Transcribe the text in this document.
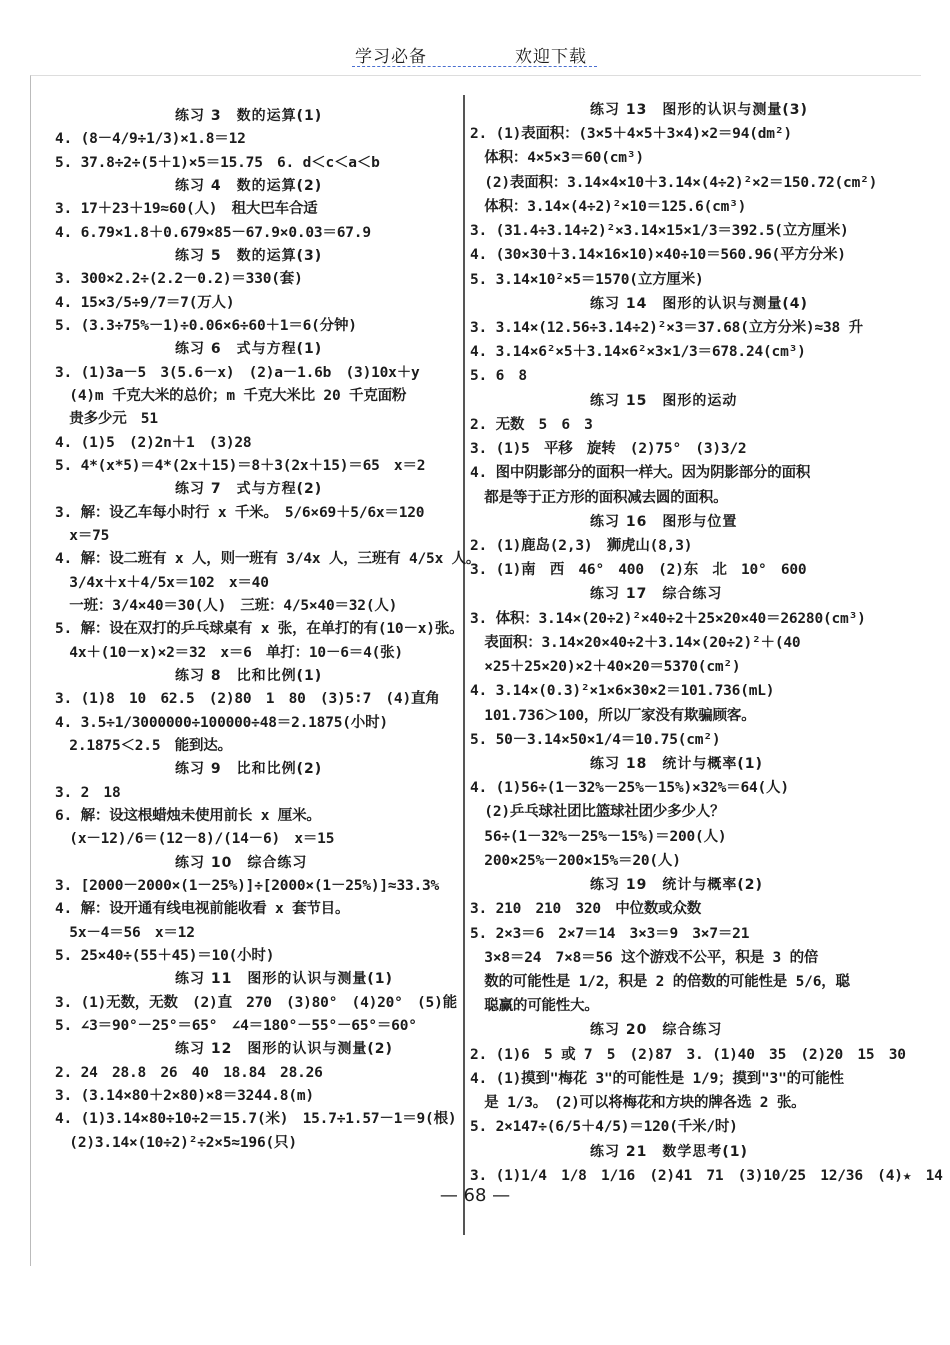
学习必备	欢迎下载
练习 3　数的运算(1)
4. (8－4/9÷1/3)×1.8＝12
5. 37.8÷2÷(5＋1)×5＝15.75　6. d＜c＜a＜b
练习 4　数的运算(2)
3. 17＋23＋19≈60(人)　租大巴车合适
4. 6.79×1.8＋0.679×85－67.9×0.03＝67.9
练习 5　数的运算(3)
3. 300×2.2÷(2.2－0.2)＝330(套)
4. 15×3/5÷9/7＝7(万人)
5. (3.3÷75%－1)÷0.06×6÷60＋1＝6(分钟)
练习 6　式与方程(1)
3. (1)3a－5　3(5.6－x)　(2)a－1.6b　(3)10x＋y
　(4)m 千克大米的总价；m 千克大米比 20 千克面粉
　贵多少元　51
4. (1)5　(2)2n＋1　(3)28
5. 4*(x*5)＝4*(2x＋15)＝8＋3(2x＋15)＝65　x＝2
练习 7　式与方程(2)
3. 解：设乙车每小时行 x 千米。　5/6×69＋5/6x＝120
　x＝75
4. 解：设二班有 x 人，则一班有 3/4x 人，三班有 4/5x 人。
　3/4x＋x＋4/5x＝102　x＝40
　一班：3/4×40＝30(人)　三班：4/5×40＝32(人)
5. 解：设在双打的乒乓球桌有 x 张，在单打的有(10－x)张。
　4x＋(10－x)×2＝32　x＝6　单打：10－6＝4(张)
练习 8　比和比例(1)
3. (1)8　10　62.5　(2)80　1　80　(3)5∶7　(4)直角
4. 3.5÷1/3000000÷100000÷48＝2.1875(小时)
　2.1875＜2.5　能到达。
练习 9　比和比例(2)
3. 2　18
6. 解：设这根蜡烛未使用前长 x 厘米。
　(x－12)/6＝(12－8)/(14－6)　x＝15
练习 10　综合练习
3. [2000－2000×(1－25%)]÷[2000×(1－25%)]≈33.3%
4. 解：设开通有线电视前能收看 x 套节目。
　5x－4＝56　x＝12
5. 25×40÷(55＋45)＝10(小时)
练习 11　图形的认识与测量(1)
3. (1)无数，无数　(2)直　270　(3)80°　(4)20°　(5)能
5. ∠3＝90°－25°＝65°　∠4＝180°－55°－65°＝60°
练习 12　图形的认识与测量(2)
2. 24　28.8　26　40　18.84　28.26
3. (3.14×80＋2×80)×8＝3244.8(m)
4. (1)3.14×80÷10÷2＝15.7(米)　15.7÷1.57－1＝9(根)
　(2)3.14×(10÷2)²÷2×5≈196(只)
练习 13　图形的认识与测量(3)
2. (1)表面积：(3×5＋4×5＋3×4)×2＝94(dm²)
　体积：4×5×3＝60(cm³)
　(2)表面积：3.14×4×10＋3.14×(4÷2)²×2＝150.72(cm²)
　体积：3.14×(4÷2)²×10＝125.6(cm³)
3. (31.4÷3.14÷2)²×3.14×15×1/3＝392.5(立方厘米)
4. (30×30＋3.14×16×10)×40÷10＝560.96(平方分米)
5. 3.14×10²×5＝1570(立方厘米)
练习 14　图形的认识与测量(4)
3. 3.14×(12.56÷3.14÷2)²×3＝37.68(立方分米)≈38 升
4. 3.14×6²×5＋3.14×6²×3×1/3＝678.24(cm³)
5. 6　8
练习 15　图形的运动
2. 无数　5　6　3
3. (1)5　平移　旋转　(2)75°　(3)3/2
4. 图中阴影部分的面积一样大。因为阴影部分的面积
　都是等于正方形的面积减去圆的面积。
练习 16　图形与位置
2. (1)鹿岛(2,3)　狮虎山(8,3)
3. (1)南　西　46°　400　(2)东　北　10°　600
练习 17　综合练习
3. 体积：3.14×(20÷2)²×40÷2＋25×20×40＝26280(cm³)
　表面积：3.14×20×40÷2＋3.14×(20÷2)²＋(40
　×25＋25×20)×2＋40×20＝5370(cm²)
4. 3.14×(0.3)²×1×6×30×2＝101.736(mL)
　101.736＞100，所以厂家没有欺骗顾客。
5. 50－3.14×50×1/4＝10.75(cm²)
练习 18　统计与概率(1)
4. (1)56÷(1－32%－25%－15%)×32%＝64(人)
　(2)乒乓球社团比篮球社团少多少人？
　56÷(1－32%－25%－15%)＝200(人)
　200×25%－200×15%＝20(人)
练习 19　统计与概率(2)
3. 210　210　320　中位数或众数
5. 2×3＝6　2×7＝14　3×3＝9　3×7＝21
　3×8＝24　7×8＝56 这个游戏不公平，积是 3 的倍
　数的可能性是 1/2，积是 2 的倍数的可能性是 5/6，聪
　聪赢的可能性大。
练习 20　综合练习
2. (1)6　5 或 7　5　(2)87　3. (1)40　35　(2)20　15　30
4. (1)摸到"梅花 3"的可能性是 1/9；摸到"3"的可能性
　是 1/3。　(2)可以将梅花和方块的牌各选 2 张。
5. 2×147÷(6/5＋4/5)＝120(千米/时)
练习 21　数学思考(1)
3. (1)1/4　1/8　1/16　(2)41　71　(3)10/25　12/36　(4)★　14
— 68 —
